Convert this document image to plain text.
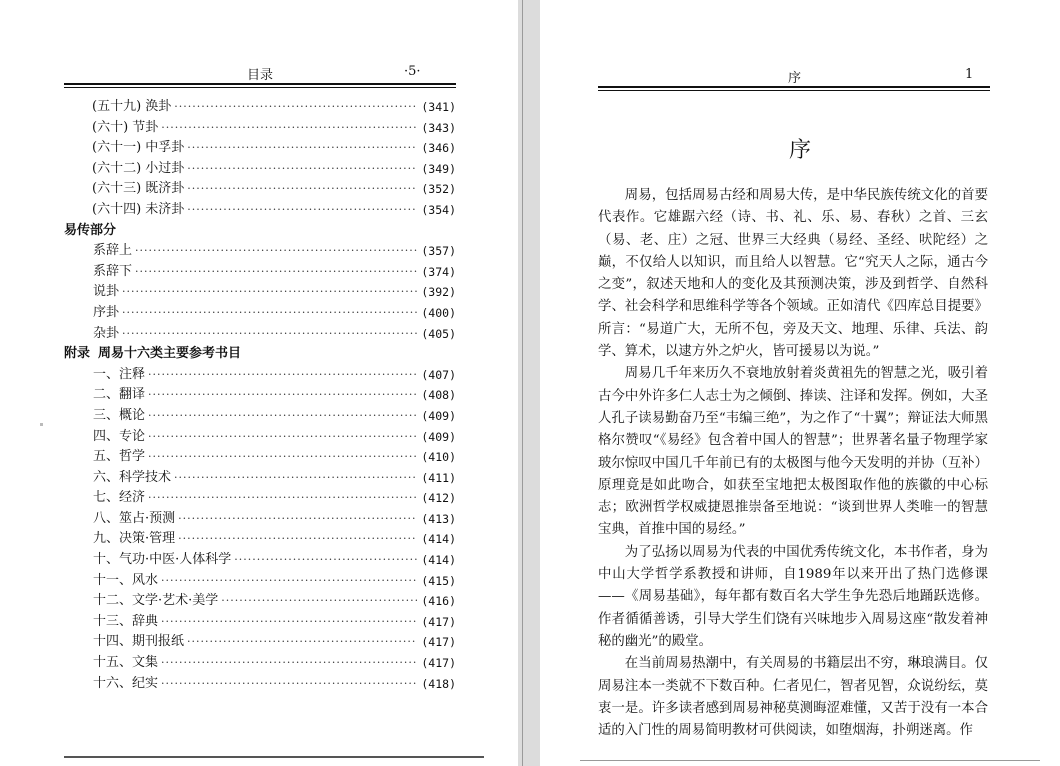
目录	·5·
(五十九) 涣卦 ·····	(341)
(六十) 节卦 ·····	(343)
(六十一) 中孚卦 ·····	(346)
(六十二) 小过卦 ·····	(349)
(六十三) 既济卦 ·····	(352)
(六十四) 未济卦 ·····	(354)
易传部分
系辞上 ·····	(357)
系辞下 ·····	(374)
说卦 ·····	(392)
序卦 ·····	(400)
杂卦 ·····	(405)
附录 周易十六类主要参考书目
一、注释 ·····	(407)
二、翻译 ·····	(408)
三、概论 ·····	(409)
四、专论 ·····	(409)
五、哲学 ·····	(410)
六、科学技术 ·····	(411)
七、经济 ·····	(412)
八、筮占·预测 ·····	(413)
九、决策·管理 ·····	(414)
十、气功·中医·人体科学 ·····	(414)
十一、风水 ·····	(415)
十二、文学·艺术·美学 ·····	(416)
十三、辞典 ·····	(417)
十四、期刊报纸 ·····	(417)
十五、文集 ·····	(417)
十六、纪实 ·····	(418)
序	1
序

周易，包括周易古经和周易大传，是中华民族传统文化的首要代表作。它雄踞六经（诗、书、礼、乐、易、春秋）之首、三玄（易、老、庄）之冠、世界三大经典（易经、圣经、吠陀经）之巅，不仅给人以知识，而且给人以智慧。它“究天人之际，通古今之变”，叙述天地和人的变化及其预测决策，涉及到哲学、自然科学、社会科学和思维科学等各个领域。正如清代《四库总目提要》所言：“易道广大，无所不包，旁及天文、地理、乐律、兵法、韵学、算术，以逮方外之炉火，皆可援易以为说。”

周易几千年来历久不衰地放射着炎黄祖先的智慧之光，吸引着古今中外许多仁人志士为之倾倒、捧读、注译和发挥。例如，大圣人孔子读易勤奋乃至“韦编三绝”，为之作了“十翼”；辩证法大师黑格尔赞叹“《易经》包含着中国人的智慧”；世界著名量子物理学家玻尔惊叹中国几千年前已有的太极图与他今天发明的并协（互补）原理竟是如此吻合，如获至宝地把太极图取作他的族徽的中心标志；欧洲哲学权威捷恩推崇备至地说：“谈到世界人类唯一的智慧宝典，首推中国的易经。”

为了弘扬以周易为代表的中国优秀传统文化，本书作者，身为中山大学哲学系教授和讲师，自1989年以来开出了热门选修课——《周易基础》，每年都有数百名大学生争先恐后地踊跃选修。作者循循善诱，引导大学生们饶有兴味地步入周易这座“散发着神秘的幽光”的殿堂。

在当前周易热潮中，有关周易的书籍层出不穷，琳琅满目。仅周易注本一类就不下数百种。仁者见仁，智者见智，众说纷纭，莫衷一是。许多读者感到周易神秘莫测晦涩难懂，又苦于没有一本合适的入门性的周易简明教材可供阅读，如堕烟海，扑朔迷离。作
